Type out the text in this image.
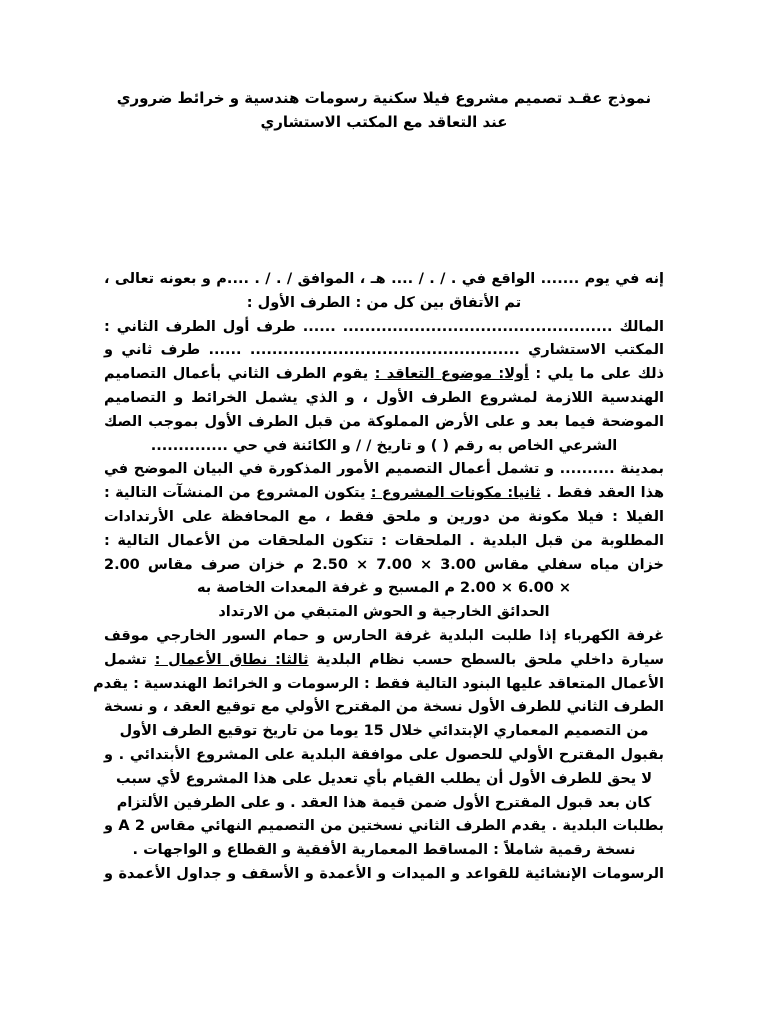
نموذج عقـد تصميم مشروع فيلا سكنية رسومات هندسية و خرائط ضروري
عند التعاقد مع المكتب الاستشاري
إنه في يوم ....... الواقع في . / . / .... هـ ، الموافق / . / . ....م و بعونه تعالى ،
تم الأتفاق بين كل من : الطرف الأول :
المالك ................................................. ...... طرف أول الطرف الثاني :
المكتب الاستشاري ................................................. ...... طرف ثاني و
ذلك على ما يلي : أولا: موضوع التعاقد : يقوم الطرف الثاني بأعمال التصاميم
الهندسية اللازمة لمشروع الطرف الأول ، و الذي يشمل الخرائط و التصاميم
الموضحة فيما بعد و على الأرض المملوكة من قبل الطرف الأول بموجب الصك
الشرعي الخاص به رقم ( ) و تاريخ / / و الكائنة في حي ..............
بمدينة .......... و تشمل أعمال التصميم الأمور المذكورة في البيان الموضح في
هذا العقد فقط . ثانيا: مكونات المشروع : يتكون المشروع من المنشآت التالية :
الفيلا : فيلا مكونة من دورين و ملحق فقط ، مع المحافظة على الأرتدادات
المطلوبة من قبل البلدية . الملحقات : تتكون الملحقات من الأعمال التالية :
خزان مياه سفلي مقاس 3.00 × 7.00 × 2.50 م خزان صرف مقاس 2.00
× 6.00 × 2.00 م المسبح و غرفة المعدات الخاصة به
الحدائق الخارجية و الحوش المتبقي من الارتداد
غرفة الكهرباء إذا طلبت البلدية غرفة الحارس و حمام السور الخارجي موقف
سيارة داخلي ملحق بالسطح حسب نظام البلدية ثالثا: نطاق الأعمال : تشمل
الأعمال المتعاقد عليها البنود التالية فقط : الرسومات و الخرائط الهندسية : يقدم
الطرف الثاني للطرف الأول نسخة من المقترح الأولي مع توقيع العقد ، و نسخة
من التصميم المعماري الإبتدائي خلال 15 يوما من تاريخ توقيع الطرف الأول
بقبول المقترح الأولي للحصول على موافقة البلدية على المشروع الأبتدائي . و
لا يحق للطرف الأول أن يطلب القيام بأي تعديل على هذا المشروع لأي سبب
كان بعد قبول المقترح الأول ضمن قيمة هذا العقد . و على الطرفين الألتزام
بطلبات البلدية . يقدم الطرف الثاني نسختين من التصميم النهائي مقاس A 2 و
نسخة رقمية شاملاً : المساقط المعمارية الأفقية و القطاع و الواجهات .
الرسومات الإنشائية للقواعد و الميدات و الأعمدة و الأسقف و جداول الأعمدة و
